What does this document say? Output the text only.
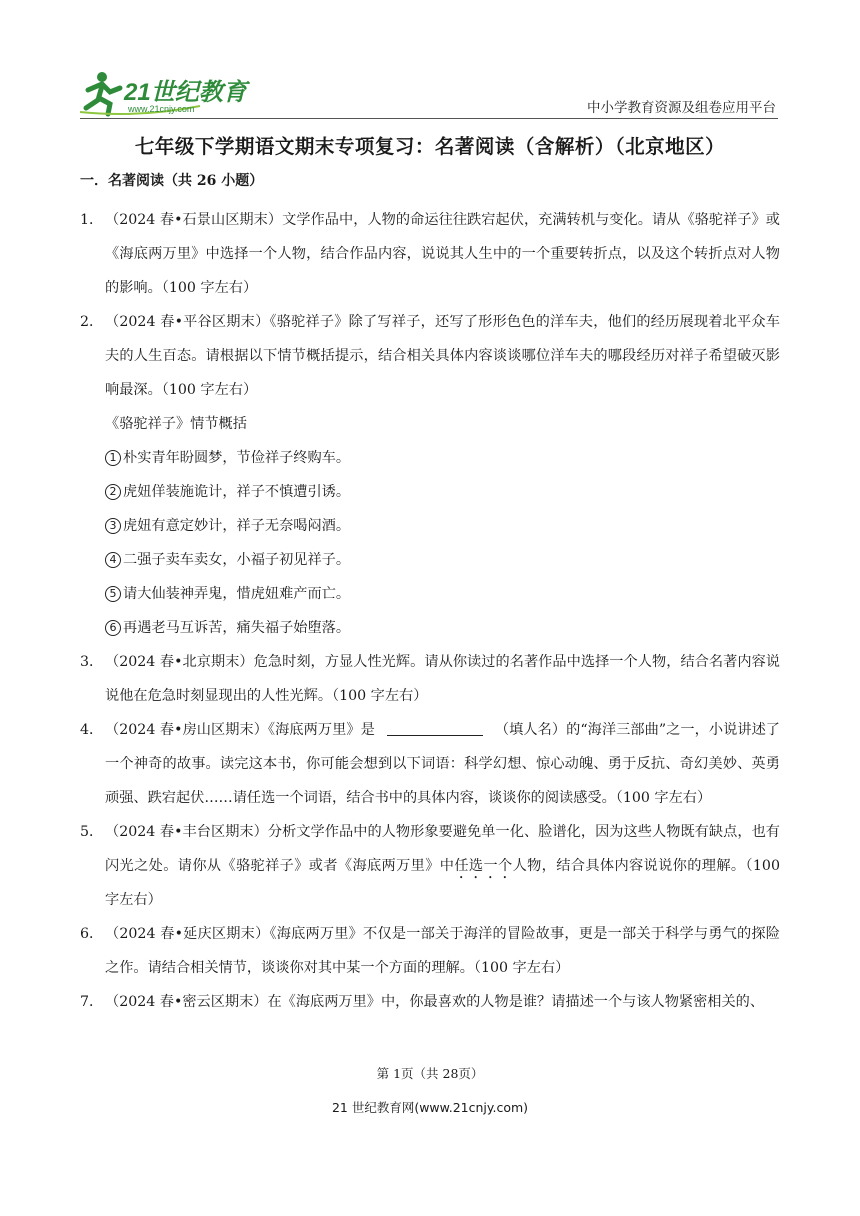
21世纪教育
www.21cnjy.com	中小学教育资源及组卷应用平台
七年级下学期语文期末专项复习：名著阅读（含解析）（北京地区）
一．名著阅读（共 26 小题）
1． （2024 春•石景山区期末）文学作品中，人物的命运往往跌宕起伏，充满转机与变化。请从《骆驼祥子》或《海底两万里》中选择一个人物，结合作品内容，说说其人生中的一个重要转折点，以及这个转折点对人物的影响。（100 字左右）
2． （2024 春•平谷区期末）《骆驼祥子》除了写祥子，还写了形形色色的洋车夫，他们的经历展现着北平众车夫的人生百态。请根据以下情节概括提示，结合相关具体内容谈谈哪位洋车夫的哪段经历对祥子希望破灭影响最深。（100 字左右）
《骆驼祥子》情节概括
1 朴实青年盼圆梦，节俭祥子终购车。
2 虎妞佯装施诡计，祥子不慎遭引诱。
3 虎妞有意定妙计，祥子无奈喝闷酒。
4 二强子卖车卖女，小福子初见祥子。
5 请大仙装神弄鬼，惜虎妞难产而亡。
6 再遇老马互诉苦，痛失福子始堕落。
3． （2024 春•北京期末）危急时刻，方显人性光辉。请从你读过的名著作品中选择一个人物，结合名著内容说说他在危急时刻显现出的人性光辉。（100 字左右）
4． （2024 春•房山区期末）《海底两万里》是	（填人名）的“海洋三部曲”之一，小说讲述了一个神奇的故事。读完这本书，你可能会想到以下词语：科学幻想、惊心动魄、勇于反抗、奇幻美妙、英勇顽强、跌宕起伏……请任选一个词语，结合书中的具体内容，谈谈你的阅读感受。（100 字左右）
5． （2024 春•丰台区期末）分析文学作品中的人物形象要避免单一化、脸谱化，因为这些人物既有缺点，也有闪光之处。请你从《骆驼祥子》或者《海底两万里》中任选一个人物，结合具体内容说说你的理解。（100 字左右）
6． （2024 春•延庆区期末）《海底两万里》不仅是一部关于海洋的冒险故事，更是一部关于科学与勇气的探险之作。请结合相关情节，谈谈你对其中某一个方面的理解。（100 字左右）
7． （2024 春•密云区期末）在《海底两万里》中，你最喜欢的人物是谁？请描述一个与该人物紧密相关的、
第 1页（共 28页）
21 世纪教育网(www.21cnjy.com)
